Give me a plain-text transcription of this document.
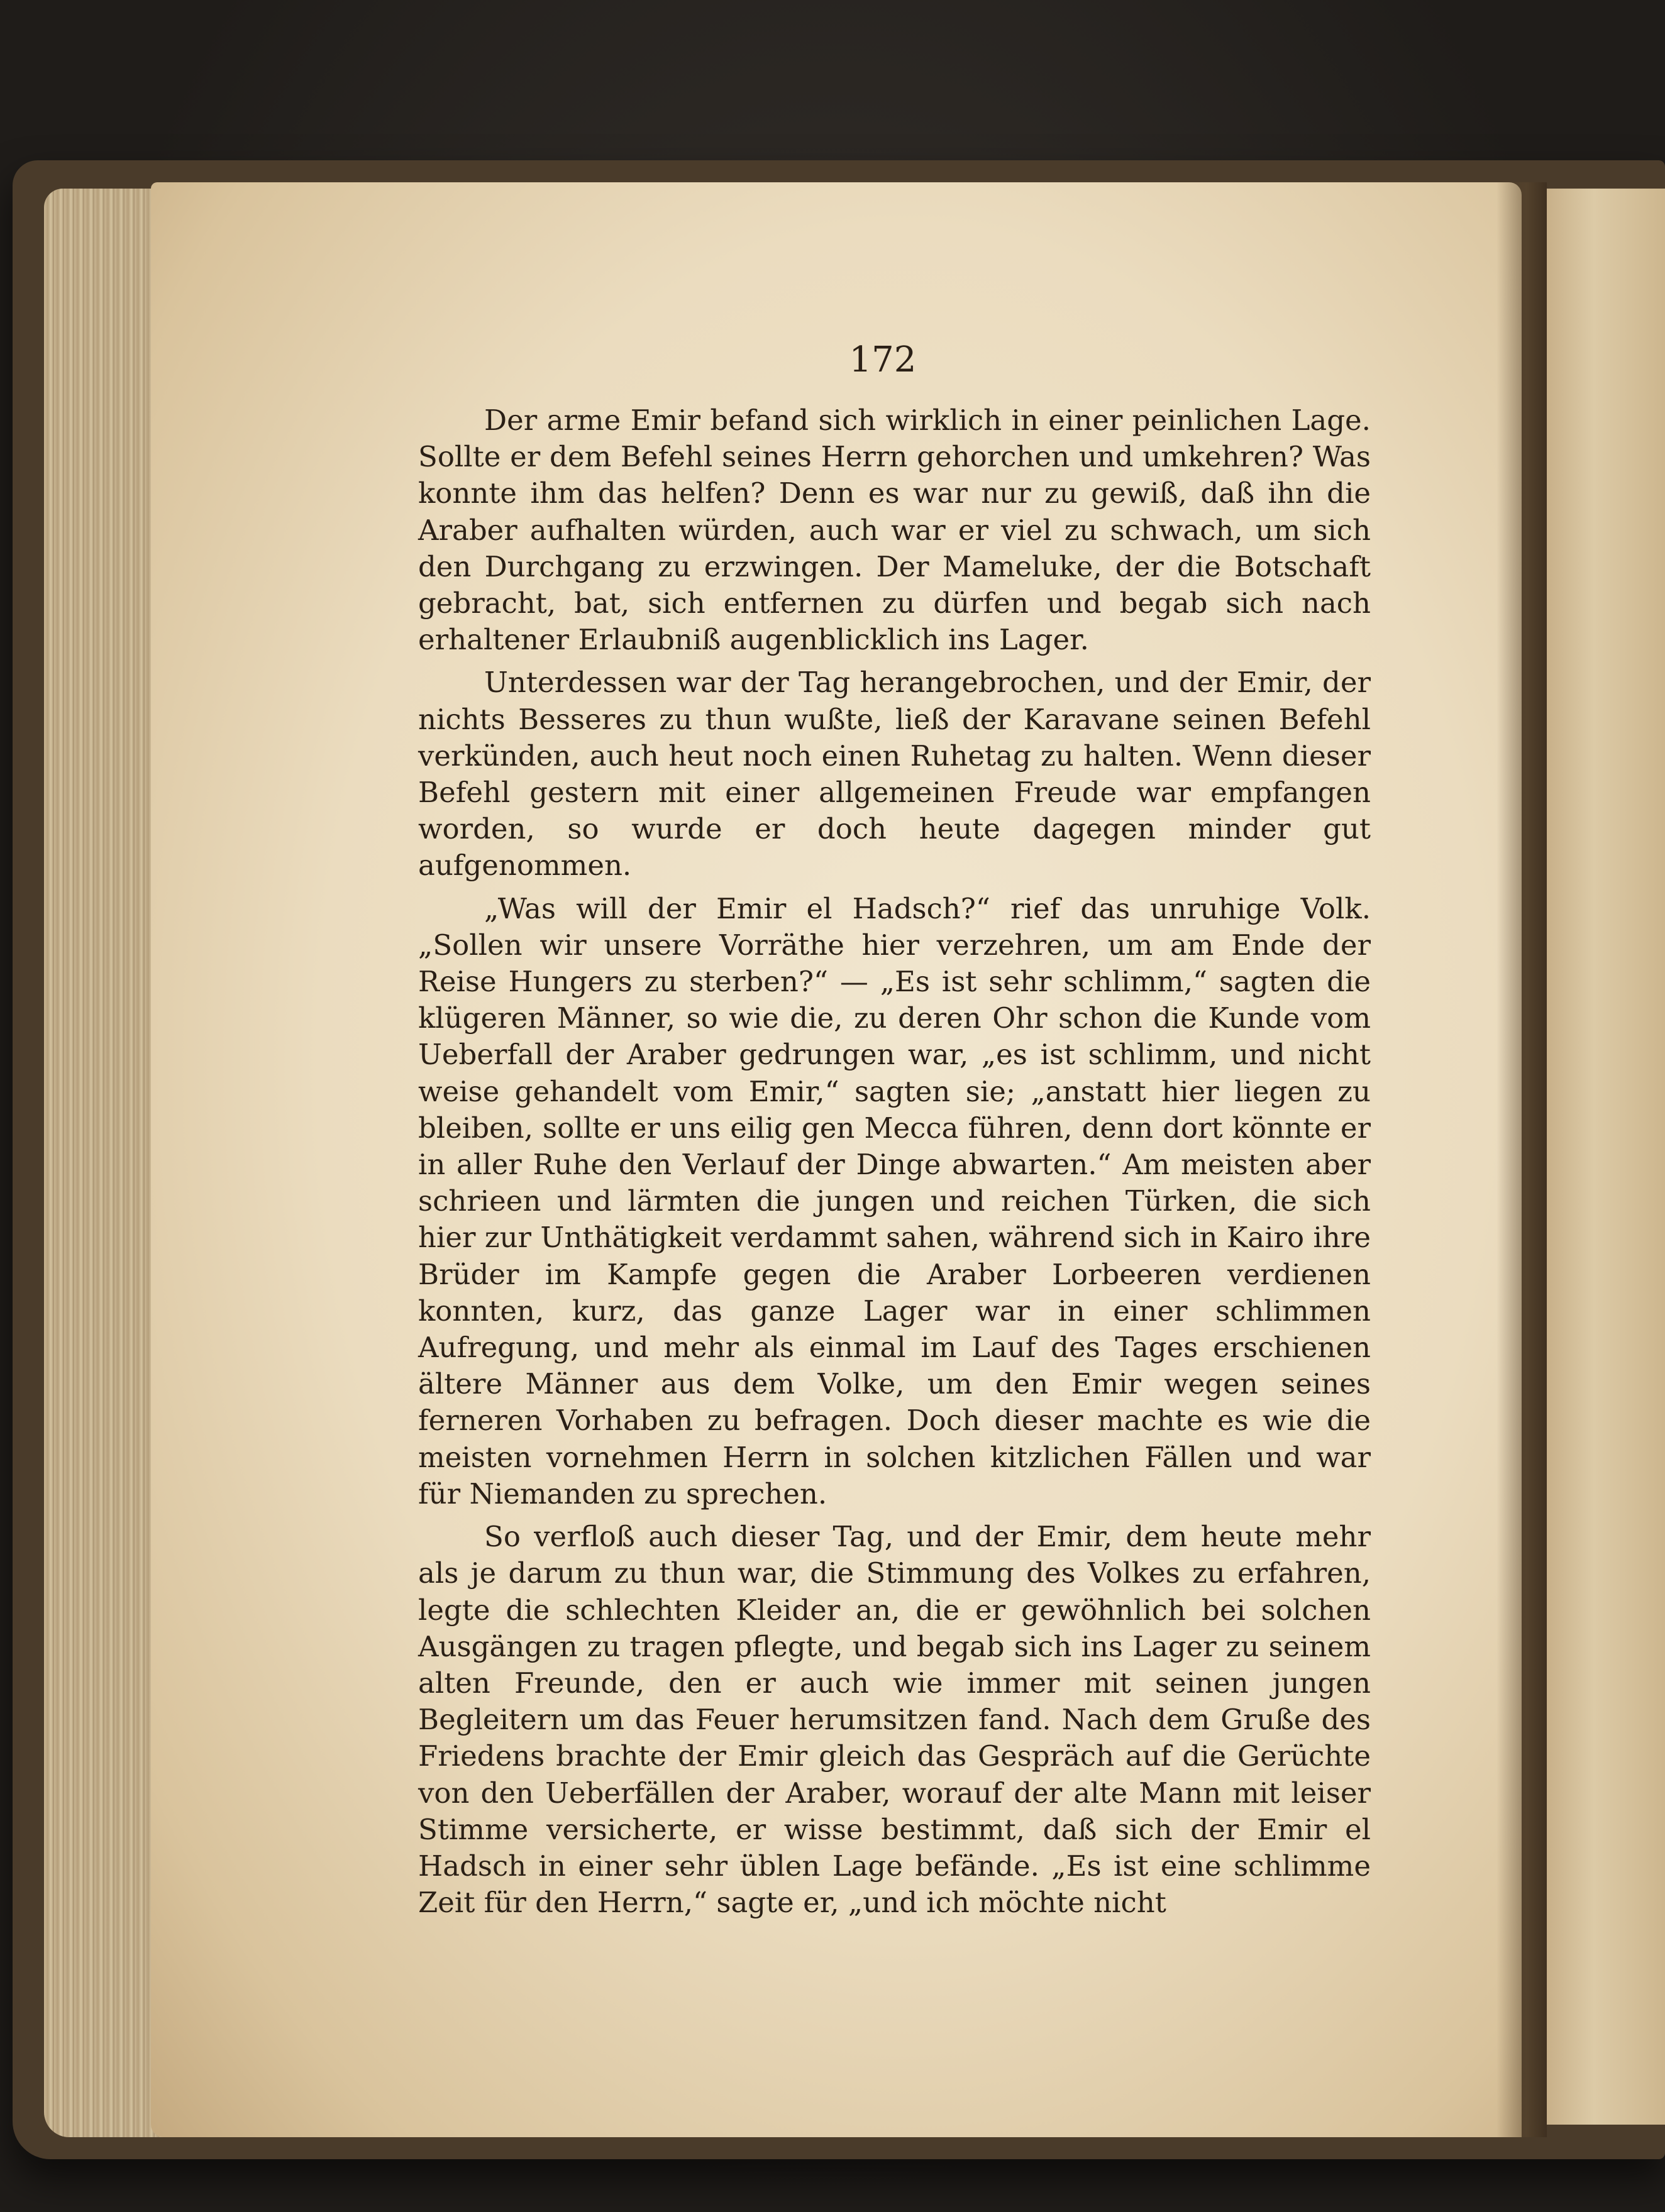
172

Der arme Emir befand sich wirklich in einer peinlichen Lage. Sollte er dem Befehl seines Herrn gehorchen und umkehren? Was konnte ihm das helfen? Denn es war nur zu gewiß, daß ihn die Araber aufhalten würden, auch war er viel zu schwach, um sich den Durchgang zu erzwingen. Der Mameluke, der die Botschaft gebracht, bat, sich entfernen zu dürfen und begab sich nach erhaltener Erlaubniß augenblicklich ins Lager.

Unterdessen war der Tag herangebrochen, und der Emir, der nichts Besseres zu thun wußte, ließ der Karavane seinen Befehl verkünden, auch heut noch einen Ruhetag zu halten. Wenn dieser Befehl gestern mit einer allgemeinen Freude war empfangen worden, so wurde er doch heute dagegen minder gut aufgenommen.

„Was will der Emir el Hadsch?“ rief das unruhige Volk. „Sollen wir unsere Vorräthe hier verzehren, um am Ende der Reise Hungers zu sterben?“ — „Es ist sehr schlimm,“ sagten die klügeren Männer, so wie die, zu deren Ohr schon die Kunde vom Ueberfall der Araber gedrungen war, „es ist schlimm, und nicht weise gehandelt vom Emir,“ sagten sie; „anstatt hier liegen zu bleiben, sollte er uns eilig gen Mecca führen, denn dort könnte er in aller Ruhe den Verlauf der Dinge abwarten.“ Am meisten aber schrieen und lärmten die jungen und reichen Türken, die sich hier zur Unthätigkeit verdammt sahen, während sich in Kairo ihre Brüder im Kampfe gegen die Araber Lorbeeren verdienen konnten, kurz, das ganze Lager war in einer schlimmen Aufregung, und mehr als einmal im Lauf des Tages erschienen ältere Männer aus dem Volke, um den Emir wegen seines ferneren Vorhaben zu befragen. Doch dieser machte es wie die meisten vornehmen Herrn in solchen kitzlichen Fällen und war für Niemanden zu sprechen.

So verfloß auch dieser Tag, und der Emir, dem heute mehr als je darum zu thun war, die Stimmung des Volkes zu erfahren, legte die schlechten Kleider an, die er gewöhnlich bei solchen Ausgängen zu tragen pflegte, und begab sich ins Lager zu seinem alten Freunde, den er auch wie immer mit seinen jungen Begleitern um das Feuer herumsitzen fand. Nach dem Gruße des Friedens brachte der Emir gleich das Gespräch auf die Gerüchte von den Ueberfällen der Araber, worauf der alte Mann mit leiser Stimme versicherte, er wisse bestimmt, daß sich der Emir el Hadsch in einer sehr üblen Lage befände. „Es ist eine schlimme Zeit für den Herrn,“ sagte er, „und ich möchte nicht
